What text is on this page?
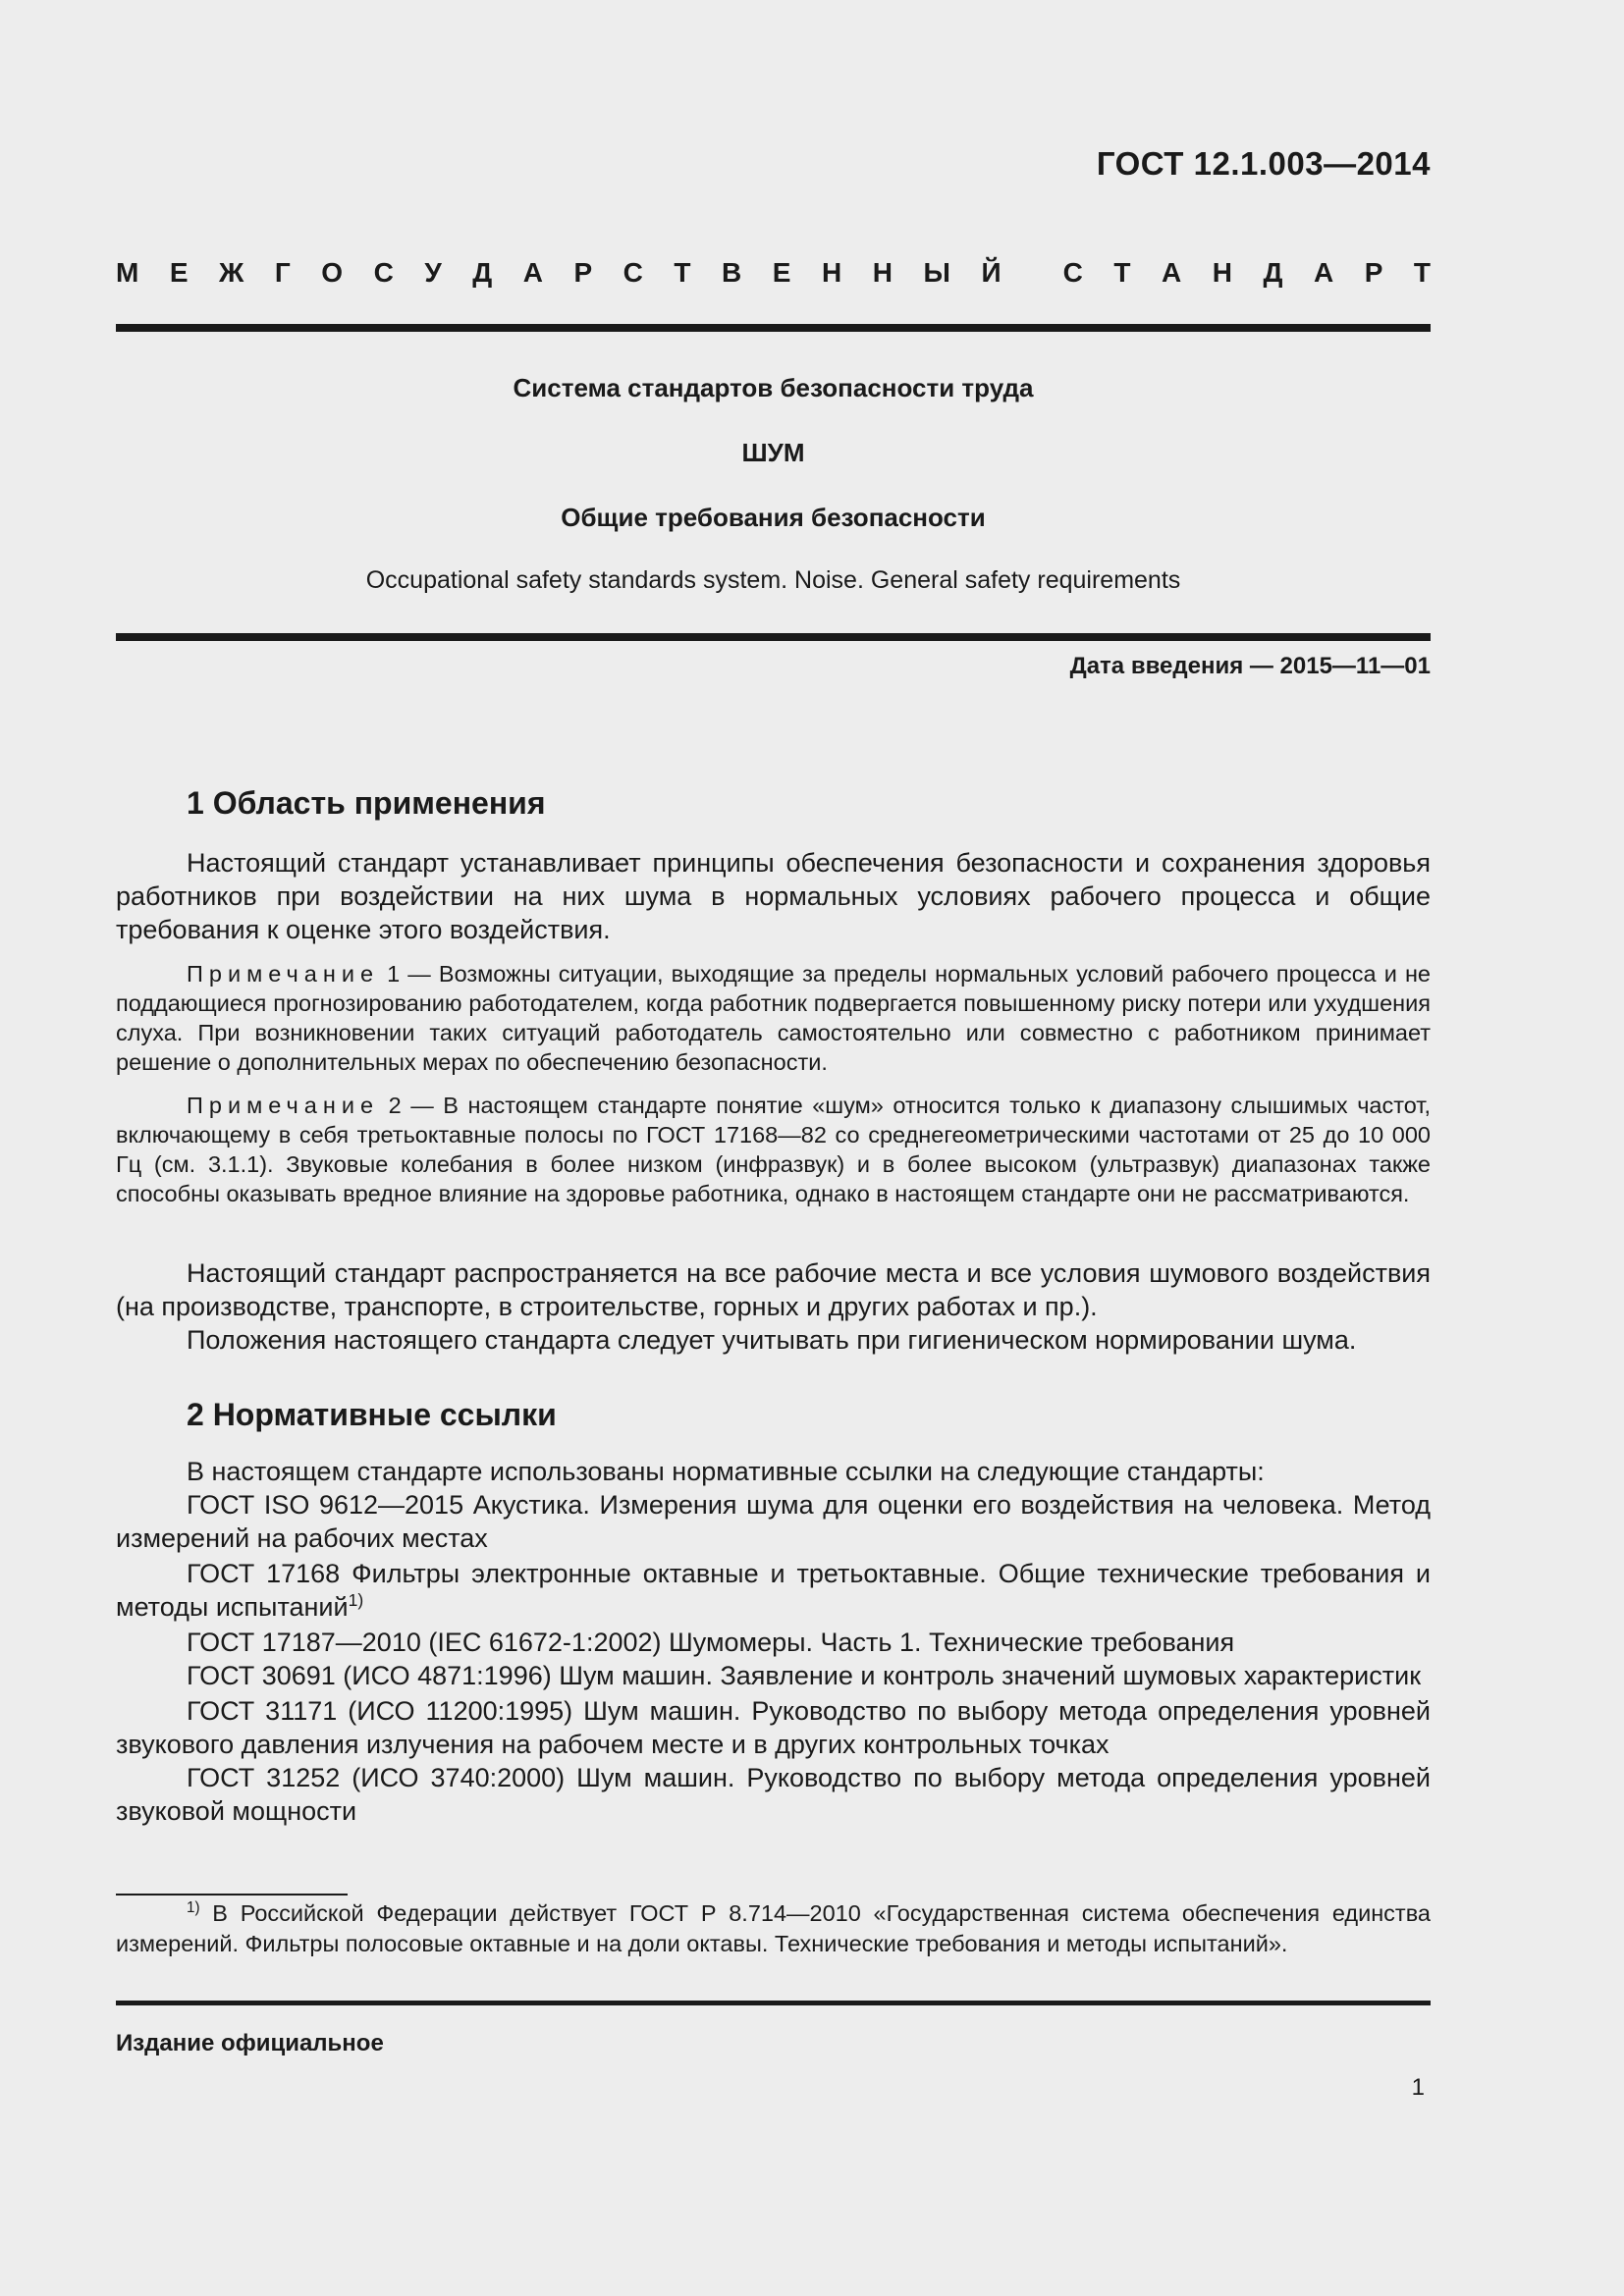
ГОСТ 12.1.003—2014
М Е Ж Г О С У Д А Р С Т В Е Н Н Ы Й С Т А Н Д А Р Т
Система стандартов безопасности труда
ШУМ
Общие требования безопасности
Occupational safety standards system. Noise. General safety requirements
Дата введения — 2015—11—01
1 Область применения

Настоящий стандарт устанавливает принципы обеспечения безопасности и сохранения здоровья работников при воздействии на них шума в нормальных условиях рабочего процесса и общие требования к оценке этого воздействия.

Примечание 1 — Возможны ситуации, выходящие за пределы нормальных условий рабочего процесса и не поддающиеся прогнозированию работодателем, когда работник подвергается повышенному риску потери или ухудшения слуха. При возникновении таких ситуаций работодатель самостоятельно или совместно с работником принимает решение о дополнительных мерах по обеспечению безопасности.

Примечание 2 — В настоящем стандарте понятие «шум» относится только к диапазону слышимых частот, включающему в себя третьоктавные полосы по ГОСТ 17168—82 со среднегеометрическими частотами от 25 до 10 000 Гц (см. 3.1.1). Звуковые колебания в более низком (инфразвук) и в более высоком (ультразвук) диапазонах также способны оказывать вредное влияние на здоровье работника, однако в настоящем стандарте они не рассматриваются.

Настоящий стандарт распространяется на все рабочие места и все условия шумового воздействия (на производстве, транспорте, в строительстве, горных и других работах и пр.).

Положения настоящего стандарта следует учитывать при гигиеническом нормировании шума.

2 Нормативные ссылки

В настоящем стандарте использованы нормативные ссылки на следующие стандарты:

ГОСТ ISO 9612—2015 Акустика. Измерения шума для оценки его воздействия на человека. Метод измерений на рабочих местах

ГОСТ 17168 Фильтры электронные октавные и третьоктавные. Общие технические требования и методы испытаний$^{1)}$

ГОСТ 17187—2010 (IEC 61672-1:2002) Шумомеры. Часть 1. Технические требования

ГОСТ 30691 (ИСО 4871:1996) Шум машин. Заявление и контроль значений шумовых характеристик

ГОСТ 31171 (ИСО 11200:1995) Шум машин. Руководство по выбору метода определения уровней звукового давления излучения на рабочем месте и в других контрольных точках

ГОСТ 31252 (ИСО 3740:2000) Шум машин. Руководство по выбору метода определения уровней звуковой мощности

$^{1)}$ В Российской Федерации действует ГОСТ Р 8.714—2010 «Государственная система обеспечения единства измерений. Фильтры полосовые октавные и на доли октавы. Технические требования и методы испытаний».

Издание официальное
1
